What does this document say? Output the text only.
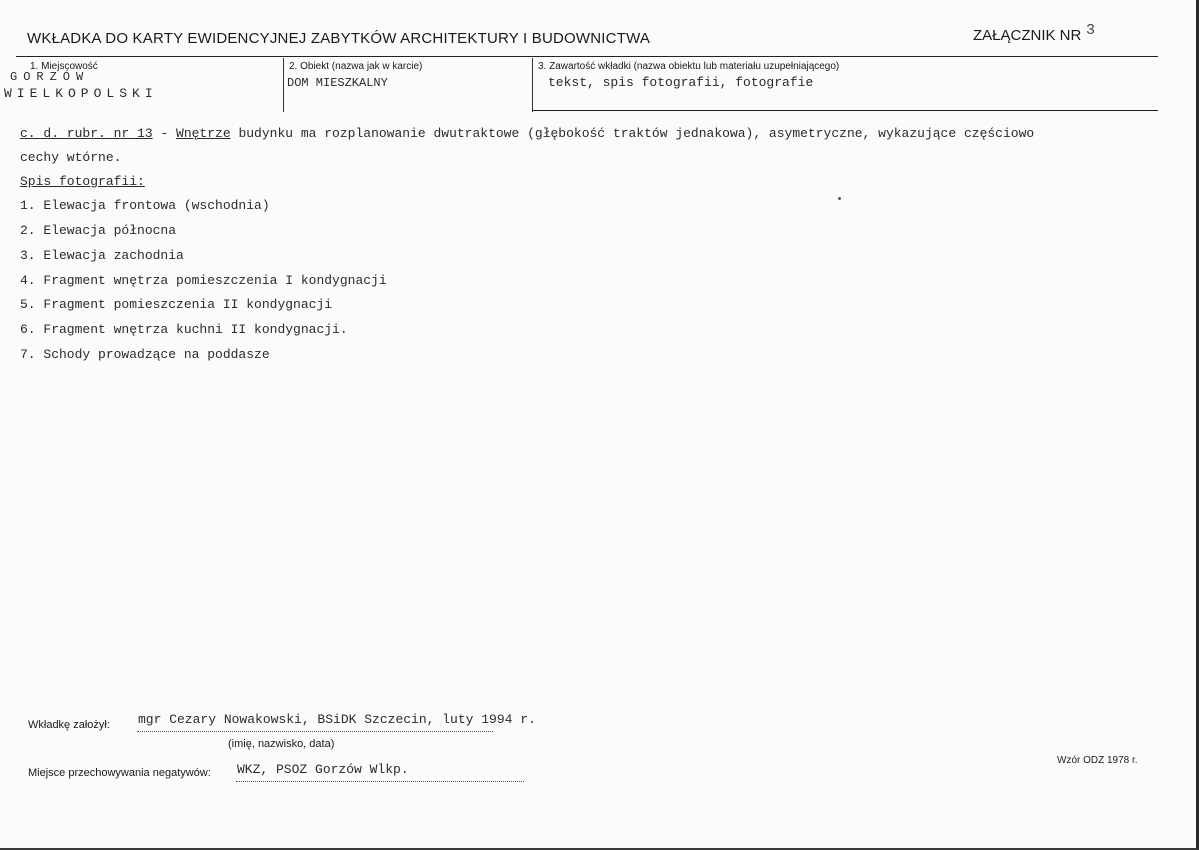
WKŁADKA DO KARTY EWIDENCYJNEJ ZABYTKÓW ARCHITEKTURY I BUDOWNICTWA	ZAŁĄCZNIK NR 3
1. Miejscowość
GORZÓW
WIELKOPOLSKI
2. Obiekt (nazwa jak w karcie)
DOM MIESZKALNY
3. Zawartość wkładki (nazwa obiektu lub materiału uzupełniającego)
tekst, spis fotografii, fotografie
c. d. rubr. nr 13 - Wnętrze budynku ma rozplanowanie dwutraktowe (głębokość traktów jednakowa), asymetryczne, wykazujące częściowo
cechy wtórne.
Spis fotografii:
1. Elewacja frontowa (wschodnia)
2. Elewacja północna
3. Elewacja zachodnia
4. Fragment wnętrza pomieszczenia I kondygnacji
5. Fragment pomieszczenia II kondygnacji
6. Fragment wnętrza kuchni II kondygnacji.
7. Schody prowadzące na poddasze
Wkładkę założył: mgr Cezary Nowakowski, BSiDK Szczecin, luty 1994 r.
(imię, nazwisko, data)
Miejsce przechowywania negatywów: WKZ, PSOZ Gorzów Wlkp.
Wzór ODZ 1978 r.
